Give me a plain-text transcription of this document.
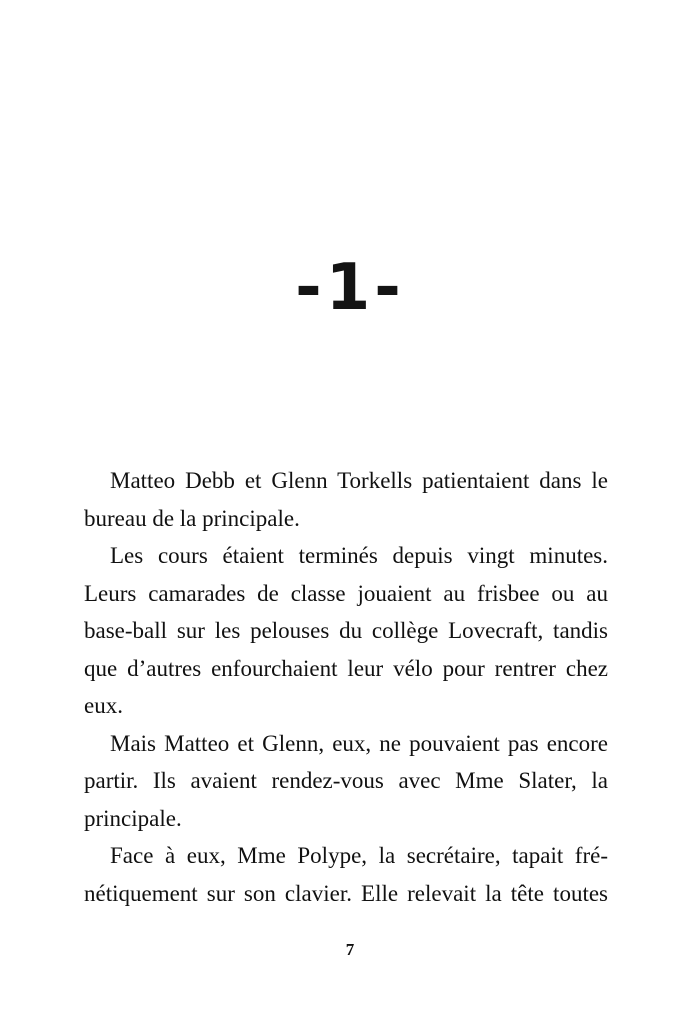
-1-

Matteo Debb et Glenn Torkells patientaient dans le bureau de la principale.

Les cours étaient terminés depuis vingt minutes. Leurs camarades de classe jouaient au frisbee ou au base-ball sur les pelouses du collège Lovecraft, tandis que d’autres enfourchaient leur vélo pour rentrer chez eux.

Mais Matteo et Glenn, eux, ne pouvaient pas encore partir. Ils avaient rendez-vous avec Mme Slater, la principale.

Face à eux, Mme Polype, la secrétaire, tapait fré- nétiquement sur son clavier. Elle relevait la tête toutes

7
